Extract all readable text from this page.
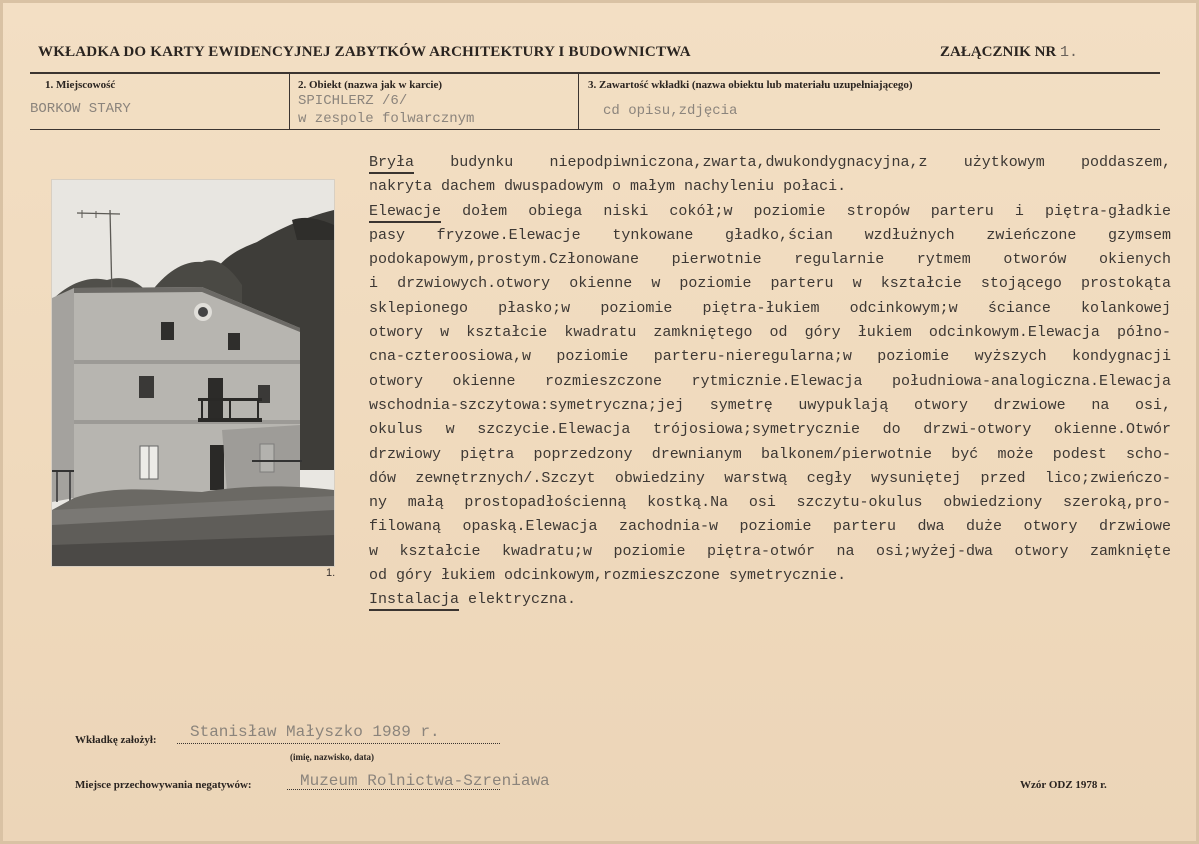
WKŁADKA DO KARTY EWIDENCYJNEJ ZABYTKÓW ARCHITEKTURY I BUDOWNICTWA	ZAŁĄCZNIK NR 1.
1. Miejscowość
BORKOW STARY
2. Obiekt (nazwa jak w karcie)
SPICHLERZ /6/
w zespole folwarcznym
3. Zawartość wkładki (nazwa obiektu lub materiału uzupełniającego)
cd opisu,zdjęcia
1.
Bryła budynku niepodpiwniczona,zwarta,dwukondygnacyjna,z użytkowym poddaszem,
nakryta dachem dwuspadowym o małym nachyleniu połaci.
Elewacje dołem obiega niski cokół;w poziomie stropów parteru i piętra-gładkie
pasy fryzowe.Elewacje tynkowane gładko,ścian wzdłużnych zwieńczone gzymsem
podokapowym,prostym.Członowane pierwotnie regularnie rytmem otworów okienych
i drzwiowych.otwory okienne w poziomie parteru w kształcie stojącego prostokąta
sklepionego płasko;w poziomie piętra-łukiem odcinkowym;w ściance kolankowej
otwory w kształcie kwadratu zamkniętego od góry łukiem odcinkowym.Elewacja półno-
cna-czteroosiowa,w poziomie parteru-nieregularna;w poziomie wyższych kondygnacji
otwory okienne rozmieszczone rytmicznie.Elewacja południowa-analogiczna.Elewacja
wschodnia-szczytowa:symetryczna;jej symetrę uwypuklają otwory drzwiowe na osi,
okulus w szczycie.Elewacja trójosiowa;symetrycznie do drzwi-otwory okienne.Otwór
drzwiowy piętra poprzedzony drewnianym balkonem/pierwotnie być może podest scho-
dów zewnętrznych/.Szczyt obwiedziny warstwą cegły wysuniętej przed lico;zwieńczo-
ny małą prostopadłościenną kostką.Na osi szczytu-okulus obwiedziony szeroką,pro-
filowaną opaską.Elewacja zachodnia-w poziomie parteru dwa duże otwory drzwiowe
w kształcie kwadratu;w poziomie piętra-otwór na osi;wyżej-dwa otwory zamknięte
od góry łukiem odcinkowym,rozmieszczone symetrycznie.
Instalacja elektryczna.
Wkładkę założył: Stanisław Małyszko 1989 r.
(imię, nazwisko, data)
Miejsce przechowywania negatywów:	Muzeum Rolnictwa-Szreniawa	Wzór ODZ 1978 r.
